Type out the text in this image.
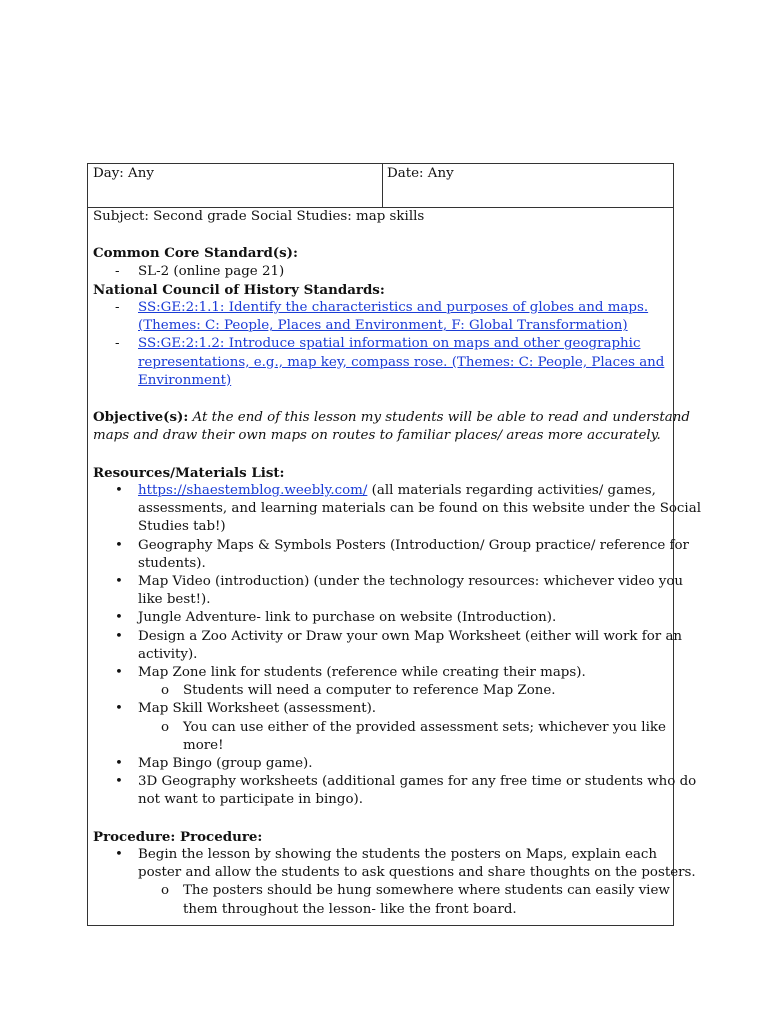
Day: Any	Date: Any
Subject: Second grade Social Studies: map skills
Common Core Standard(s):
- SL-2 (online page 21)
National Council of History Standards:
- SS:GE:2:1.1: Identify the characteristics and purposes of globes and maps.
(Themes: C: People, Places and Environment, F: Global Transformation)
- SS:GE:2:1.2: Introduce spatial information on maps and other geographic
representations, e.g., map key, compass rose. (Themes: C: People, Places and
Environment)
Objective(s): At the end of this lesson my students will be able to read and understand
maps and draw their own maps on routes to familiar places/ areas more accurately.
Resources/Materials List:
• https://shaestemblog.weebly.com/ (all materials regarding activities/ games,
assessments, and learning materials can be found on this website under the Social
Studies tab!)
• Geography Maps & Symbols Posters (Introduction/ Group practice/ reference for
students).
• Map Video (introduction) (under the technology resources: whichever video you
like best!).
• Jungle Adventure- link to purchase on website (Introduction).
• Design a Zoo Activity or Draw your own Map Worksheet (either will work for an
activity).
• Map Zone link for students (reference while creating their maps).
o Students will need a computer to reference Map Zone.
• Map Skill Worksheet (assessment).
o You can use either of the provided assessment sets; whichever you like
more!
• Map Bingo (group game).
• 3D Geography worksheets (additional games for any free time or students who do
not want to participate in bingo).
Procedure: Procedure:
• Begin the lesson by showing the students the posters on Maps, explain each
poster and allow the students to ask questions and share thoughts on the posters.
o The posters should be hung somewhere where students can easily view
them throughout the lesson- like the front board.
